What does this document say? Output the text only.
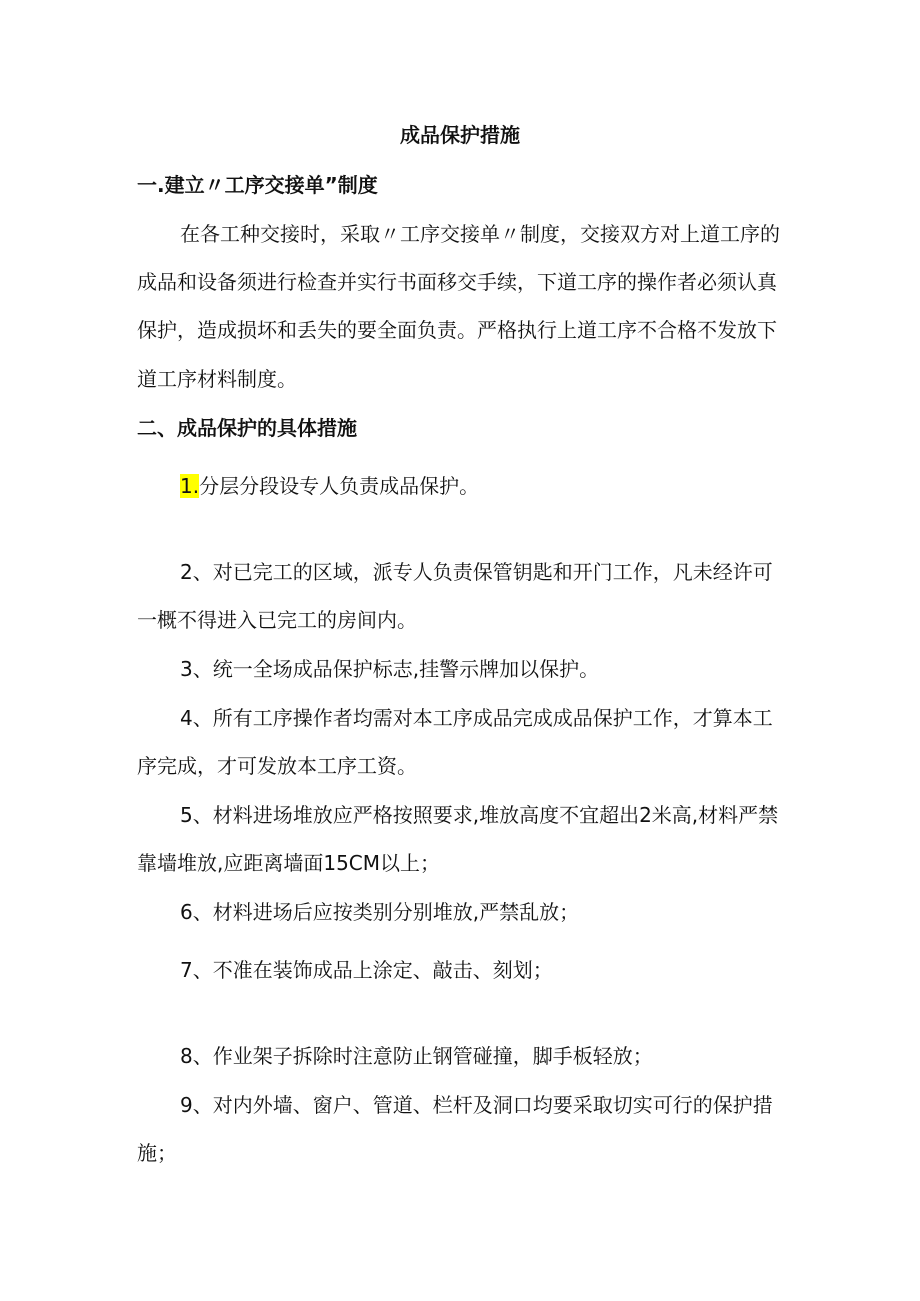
成品保护措施
一.建立〃工序交接单”制度
在各工种交接时，采取〃工序交接单〃制度，交接双方对上道工序的
成品和设备须进行检查并实行书面移交手续，下道工序的操作者必须认真
保护，造成损坏和丢失的要全面负责。严格执行上道工序不合格不发放下
道工序材料制度。
二、成品保护的具体措施
1.分层分段设专人负责成品保护。
2、对已完工的区域，派专人负责保管钥匙和开门工作，凡未经许可
一概不得进入已完工的房间内。
3、统一全场成品保护标志,挂警示牌加以保护。
4、所有工序操作者均需对本工序成品完成成品保护工作，才算本工
序完成，才可发放本工序工资。
5、材料进场堆放应严格按照要求,堆放高度不宜超出2米高,材料严禁
靠墙堆放,应距离墙面15CM以上；
6、材料进场后应按类别分别堆放,严禁乱放；
7、不准在装饰成品上涂定、敲击、刻划；
8、作业架子拆除时注意防止钢管碰撞，脚手板轻放；
9、对内外墙、窗户、管道、栏杆及洞口均要采取切实可行的保护措
施；
